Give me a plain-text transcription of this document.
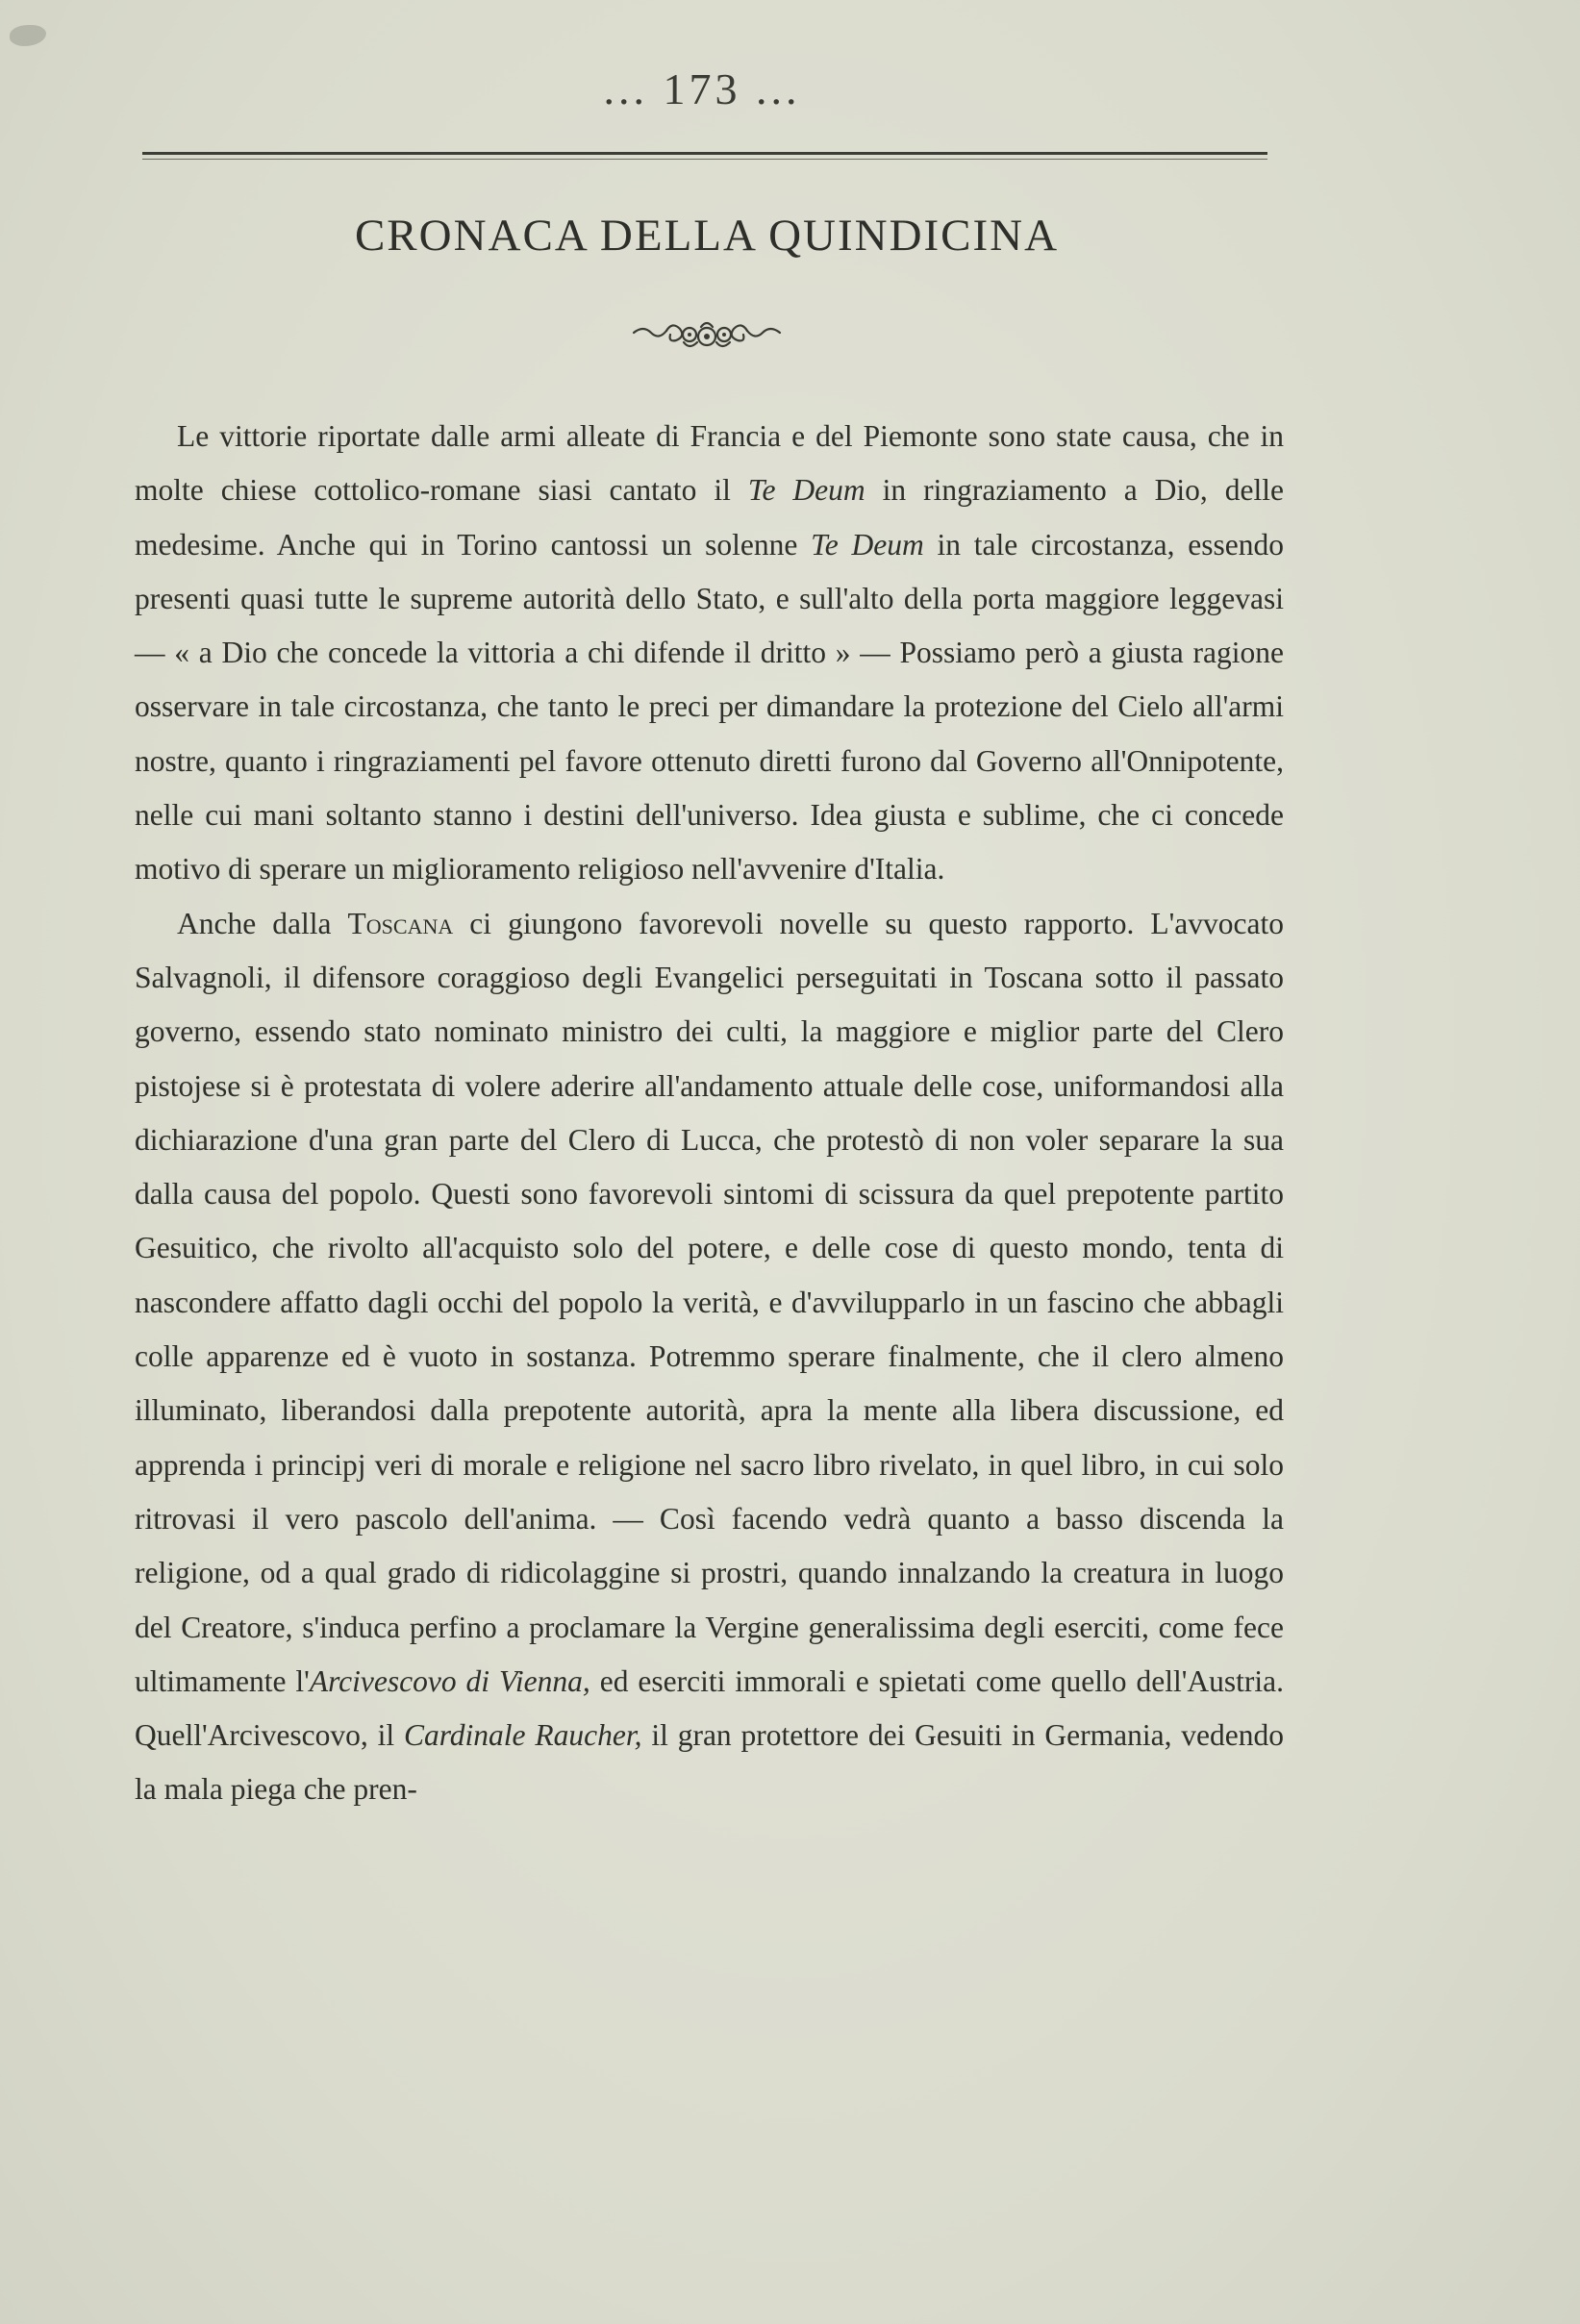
... 173 ...
CRONACA DELLA QUINDICINA

Le vittorie riportate dalle armi alleate di Francia e del Piemonte sono state causa, che in molte chiese cottolico-romane siasi cantato il Te Deum in ringraziamento a Dio, delle medesime. Anche qui in Torino cantossi un solenne Te Deum in tale circostanza, essendo presenti quasi tutte le supreme autorità dello Stato, e sull'alto della porta maggiore leggevasi — « a Dio che concede la vittoria a chi difende il dritto » — Possiamo però a giusta ragione osservare in tale circostanza, che tanto le preci per dimandare la protezione del Cielo all'armi nostre, quanto i ringraziamenti pel favore ottenuto diretti furono dal Governo all'Onnipotente, nelle cui mani soltanto stanno i destini dell'universo. Idea giusta e sublime, che ci concede motivo di sperare un miglioramento religioso nell'avvenire d'Italia.

Anche dalla Toscana ci giungono favorevoli novelle su questo rapporto. L'avvocato Salvagnoli, il difensore coraggioso degli Evangelici perseguitati in Toscana sotto il passato governo, essendo stato nominato ministro dei culti, la maggiore e miglior parte del Clero pistojese si è protestata di volere aderire all'andamento attuale delle cose, uniformandosi alla dichiarazione d'una gran parte del Clero di Lucca, che protestò di non voler separare la sua dalla causa del popolo. Questi sono favorevoli sintomi di scissura da quel prepotente partito Gesuitico, che rivolto all'acquisto solo del potere, e delle cose di questo mondo, tenta di nascondere affatto dagli occhi del popolo la verità, e d'avvilupparlo in un fascino che abbagli colle apparenze ed è vuoto in sostanza. Potremmo sperare finalmente, che il clero almeno illuminato, liberandosi dalla prepotente autorità, apra la mente alla libera discussione, ed apprenda i principj veri di morale e religione nel sacro libro rivelato, in quel libro, in cui solo ritrovasi il vero pascolo dell'anima. — Così facendo vedrà quanto a basso discenda la religione, od a qual grado di ridicolaggine si prostri, quando innalzando la creatura in luogo del Creatore, s'induca perfino a proclamare la Vergine generalissima degli eserciti, come fece ultimamente l'Arcivescovo di Vienna, ed eserciti immorali e spietati come quello dell'Austria. Quell'Arcivescovo, il Cardinale Raucher, il gran protettore dei Gesuiti in Germania, vedendo la mala piega che pren-
